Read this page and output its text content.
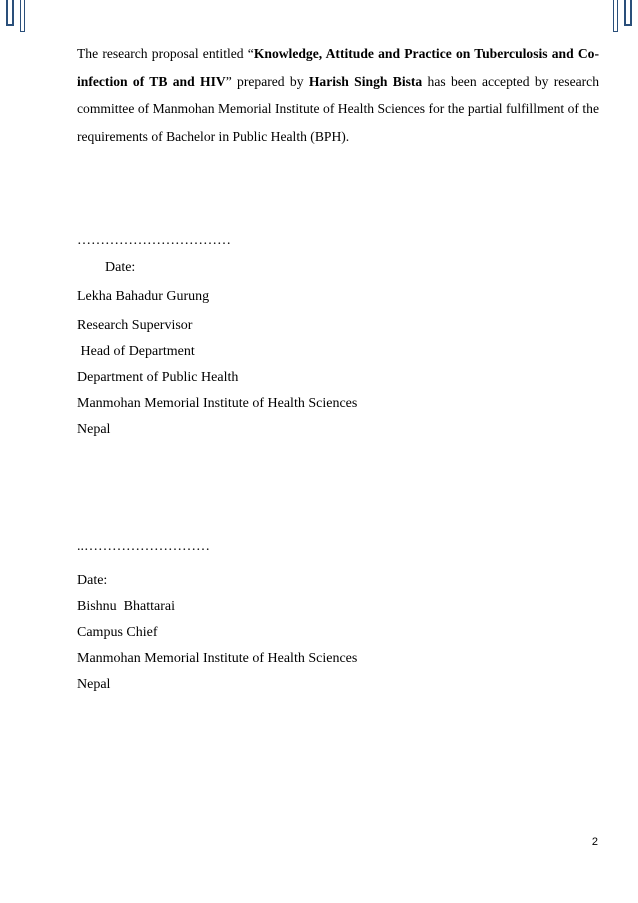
The research proposal entitled “Knowledge, Attitude and Practice on Tuberculosis and Co-infection of TB and HIV” prepared by Harish Singh Bista has been accepted by research committee of Manmohan Memorial Institute of Health Sciences for the partial fulfillment of the requirements of Bachelor in Public Health (BPH).

……………………………

Date:

Lekha Bahadur Gurung

Research Supervisor

Head of Department

Department of Public Health

Manmohan Memorial Institute of Health Sciences

Nepal

..………………………

Date:

Bishnu  Bhattarai

Campus Chief

Manmohan Memorial Institute of Health Sciences

Nepal

2
